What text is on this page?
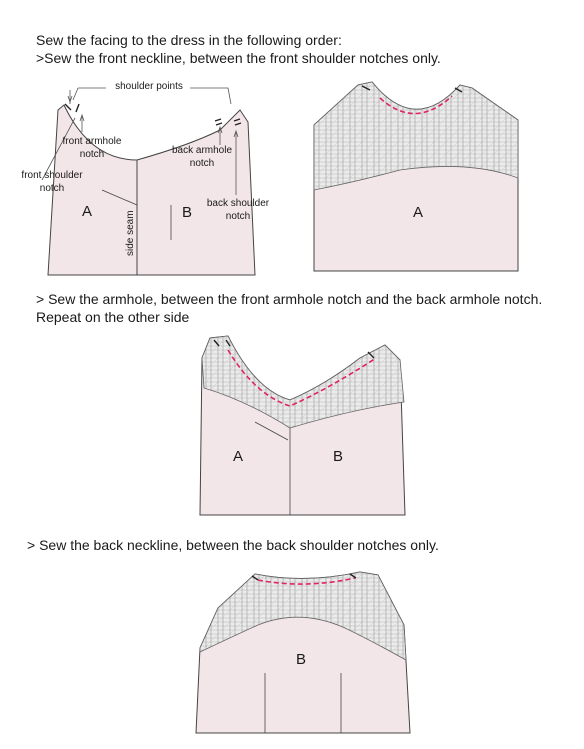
Sew the facing to the dress in the following order:
>Sew the front neckline, between the front shoulder notches only.
> Sew the armhole, between the front armhole notch and the back armhole notch.
Repeat on the other side
> Sew the back neckline, between the back shoulder notches only.
shoulder points
front armhole
notch
front shoulder
notch
back armhole
notch
back shoulder
notch
A	B
side seam	A
A	B
B
